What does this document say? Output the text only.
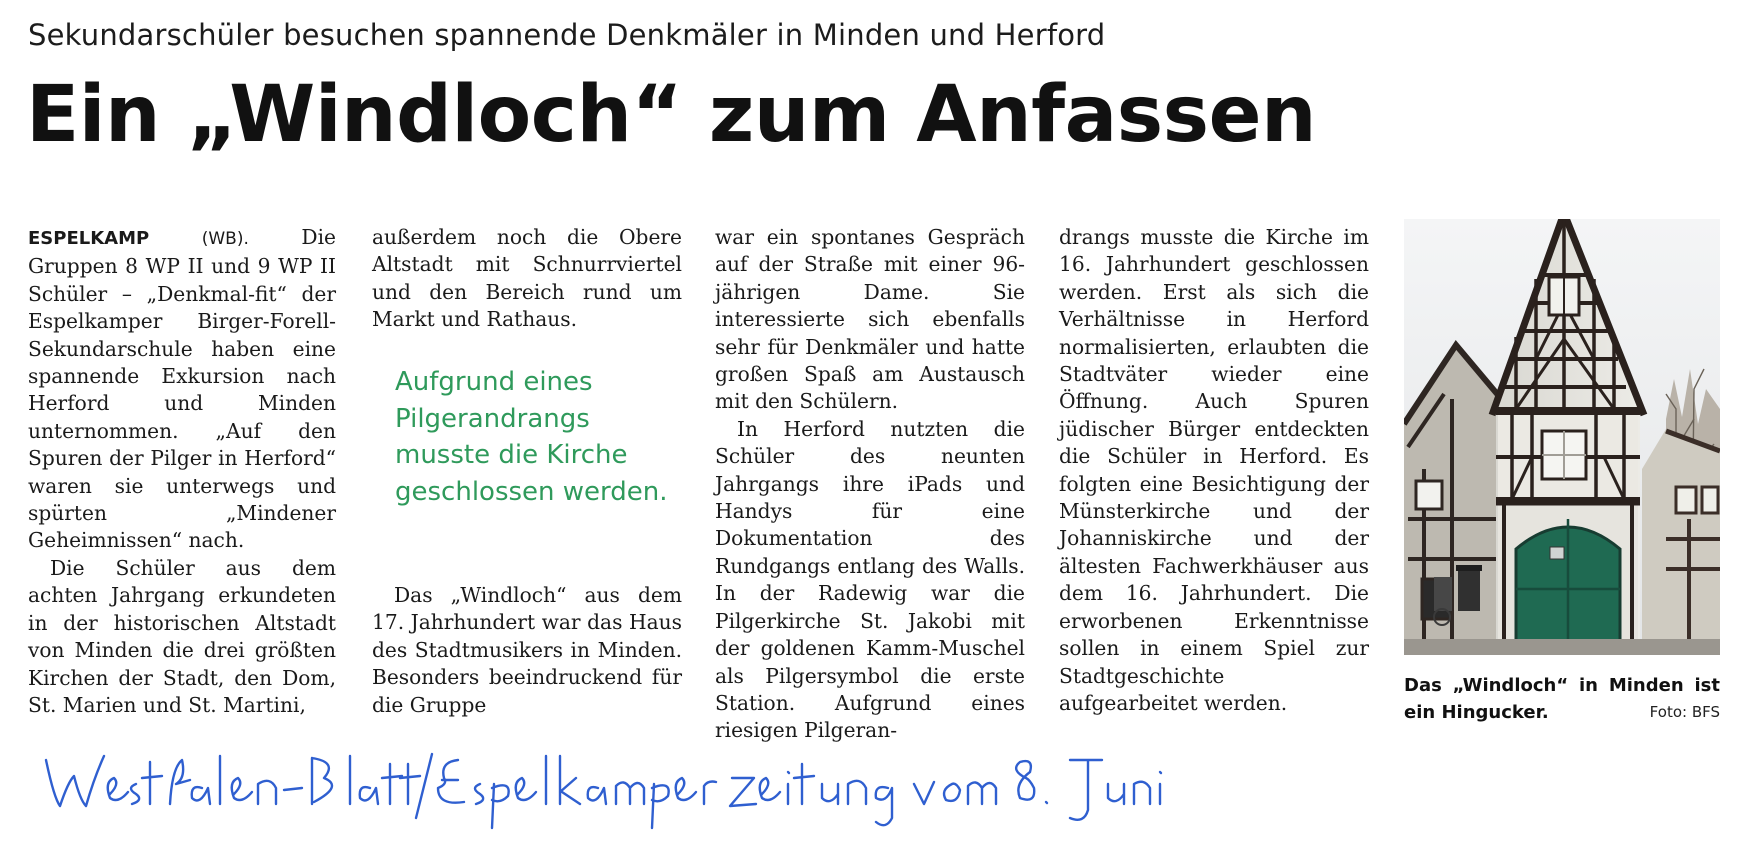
Sekundarschüler besuchen spannende Denkmäler in Minden und Herford
Ein „Windloch“ zum Anfassen

ESPELKAMP	(WB). Die Gruppen 8 WP II und 9 WP II Schüler – „Denkmal-fit“ der Espelkamper Birger-Forell-Sekundarschule haben eine spannende Exkursion nach Herford und Minden unternommen. „Auf den Spuren der Pilger in Herford“ waren sie unterwegs und spürten „Mindener Geheimnissen“ nach.

Die Schüler aus dem achten Jahrgang erkundeten in der historischen Altstadt von Minden die drei größten Kirchen der Stadt, den Dom, St. Marien und St. Martini,

außerdem noch die Obere Altstadt mit Schnurrviertel und den Bereich rund um Markt und Rathaus.

Das „Windloch“ aus dem 17. Jahrhundert war das Haus des Stadtmusikers in Minden. Besonders beeindruckend für die Gruppe

Aufgrund eines Pilgerandrangs musste die Kirche geschlossen werden.

war ein spontanes Gespräch auf der Straße mit einer 96-jährigen Dame. Sie interessierte sich ebenfalls sehr für Denkmäler und hatte großen Spaß am Austausch mit den Schülern.

In Herford nutzten die Schüler des neunten Jahrgangs ihre iPads und Handys für eine Dokumentation des Rundgangs entlang des Walls. In der Radewig war die Pilgerkirche St. Jakobi mit der goldenen Kamm-Muschel als Pilgersymbol die erste Station. Aufgrund eines riesigen Pilgeran-

drangs musste die Kirche im 16. Jahrhundert geschlossen werden. Erst als sich die Verhältnisse in Herford normalisierten, erlaubten die Stadtväter wieder eine Öffnung. Auch Spuren jüdischer Bürger entdeckten die Schüler in Herford. Es folgten eine Besichtigung der Münsterkirche und der Johanniskirche und der ältesten Fachwerkhäuser aus dem 16. Jahrhundert. Die erworbenen Erkenntnisse sollen in einem Spiel zur Stadtgeschichte aufgearbeitet werden.

Das „Windloch“ in Minden ist ein Hingucker.	Foto: BFS
